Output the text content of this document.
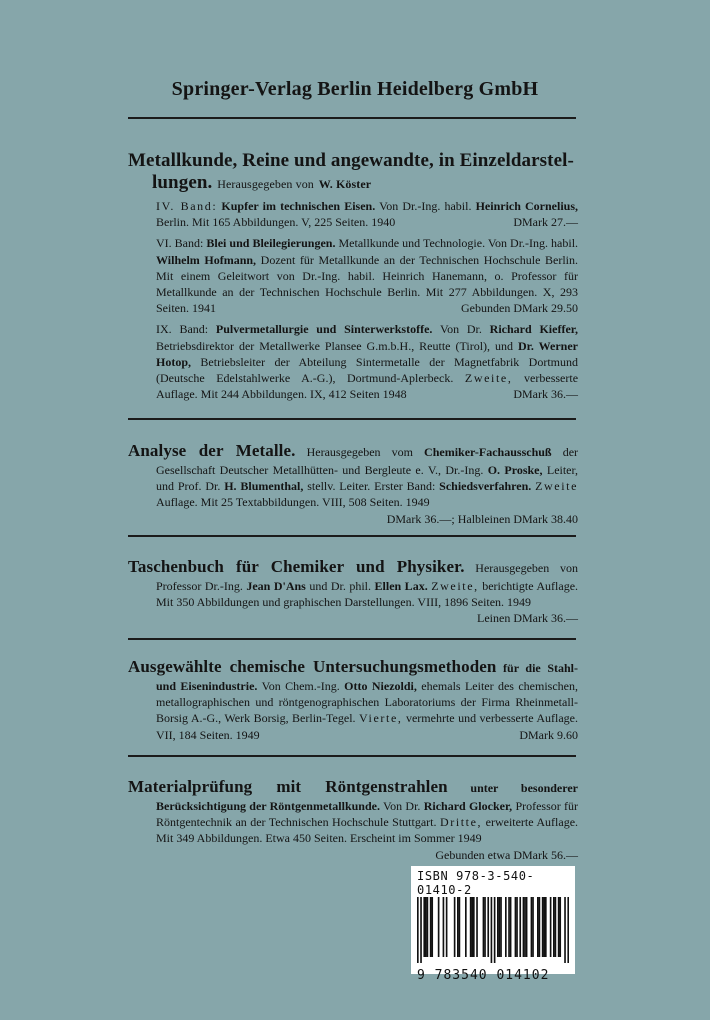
Springer-Verlag Berlin Heidelberg GmbH
Metallkunde, Reine und angewandte, in Einzeldarstel-
lungen. Herausgegeben von W. Köster

IV. Band: Kupfer im technischen Eisen. Von Dr.-Ing. habil. Heinrich Cornelius, Berlin. Mit 165 Abbildungen. V, 225 Seiten. 1940	DMark 27.—

VI. Band: Blei und Bleilegierungen. Metallkunde und Technologie. Von Dr.-Ing. habil. Wilhelm Hofmann, Dozent für Metallkunde an der Technischen Hochschule Berlin. Mit einem Geleitwort von Dr.-Ing. habil. Heinrich Hanemann, o. Professor für Metallkunde an der Technischen Hochschule Berlin. Mit 277 Abbildungen. X, 293 Seiten. 1941	Gebunden DMark 29.50

IX. Band: Pulvermetallurgie und Sinterwerkstoffe. Von Dr. Richard Kieffer, Betriebsdirektor der Metallwerke Plansee G.m.b.H., Reutte (Tirol), und Dr. Werner Hotop, Betriebsleiter der Abteilung Sintermetalle der Magnetfabrik Dortmund (Deutsche Edelstahlwerke A.-G.), Dortmund-Aplerbeck. Zweite, verbesserte Auflage. Mit 244 Abbildungen. IX, 412 Seiten 1948	DMark 36.—

Analyse der Metalle. Herausgegeben vom Chemiker-Fachausschuß der Gesellschaft Deutscher Metallhütten- und Bergleute e. V., Dr.-Ing. O. Proske, Leiter, und Prof. Dr. H. Blumenthal, stellv. Leiter. Erster Band: Schiedsverfahren. Zweite Auflage. Mit 25 Textabbildungen. VIII, 508 Seiten. 1949
DMark 36.—; Halbleinen DMark 38.40

Taschenbuch für Chemiker und Physiker. Herausgegeben von Professor Dr.-Ing. Jean D'Ans und Dr. phil. Ellen Lax. Zweite, berichtigte Auflage. Mit 350 Abbildungen und graphischen Darstellungen. VIII, 1896 Seiten. 1949
Leinen DMark 36.—

Ausgewählte chemische Untersuchungsmethoden für die Stahl- und Eisenindustrie. Von Chem.-Ing. Otto Niezoldi, ehemals Leiter des chemischen, metallographischen und röntgenographischen Laboratoriums der Firma Rheinmetall-Borsig A.-G., Werk Borsig, Berlin-Tegel. Vierte, vermehrte und verbesserte Auflage. VII, 184 Seiten. 1949	DMark 9.60

Materialprüfung mit Röntgenstrahlen unter besonderer Berücksichtigung der Röntgenmetallkunde. Von Dr. Richard Glocker, Professor für Röntgentechnik an der Technischen Hochschule Stuttgart. Dritte, erweiterte Auflage. Mit 349 Abbildungen. Etwa 450 Seiten. Erscheint im Sommer 1949
Gebunden etwa DMark 56.—

ISBN 978-3-540-01410-2
9 783540 014102
